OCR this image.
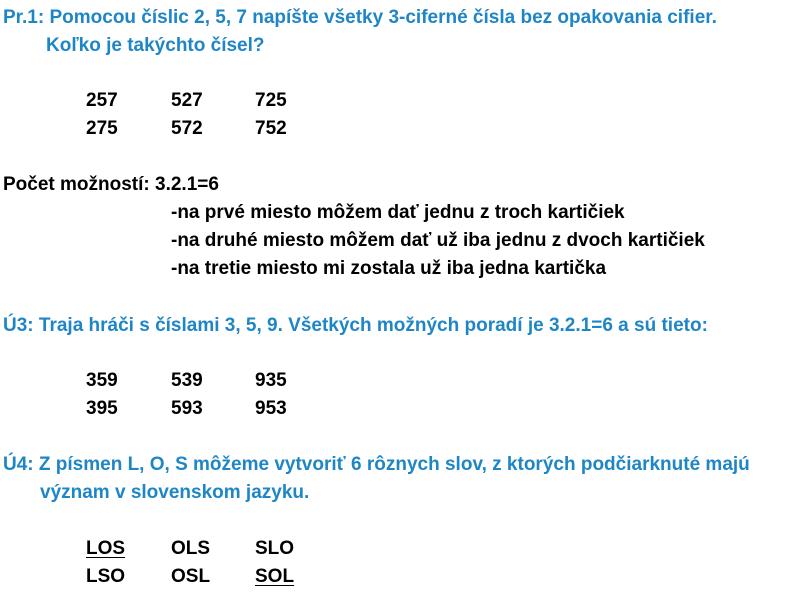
Pr.1: Pomocou číslic 2, 5, 7 napíšte všetky 3-ciferné čísla bez opakovania cifier.
Koľko je takýchto čísel?
257	527	725
275	572	752
Počet možností: 3.2.1=6
-na prvé miesto môžem dať jednu z troch kartičiek
-na druhé miesto môžem dať už iba jednu z dvoch kartičiek
-na tretie miesto mi zostala už iba jedna kartička
Ú3: Traja hráči s číslami 3, 5, 9. Všetkých možných poradí je 3.2.1=6 a sú tieto:
359	539	935
395	593	953
Ú4: Z písmen L, O, S môžeme vytvoriť 6 rôznych slov, z ktorých podčiarknuté majú
význam v slovenskom jazyku.
LOS OLS SLO
LSO OSL SOL
